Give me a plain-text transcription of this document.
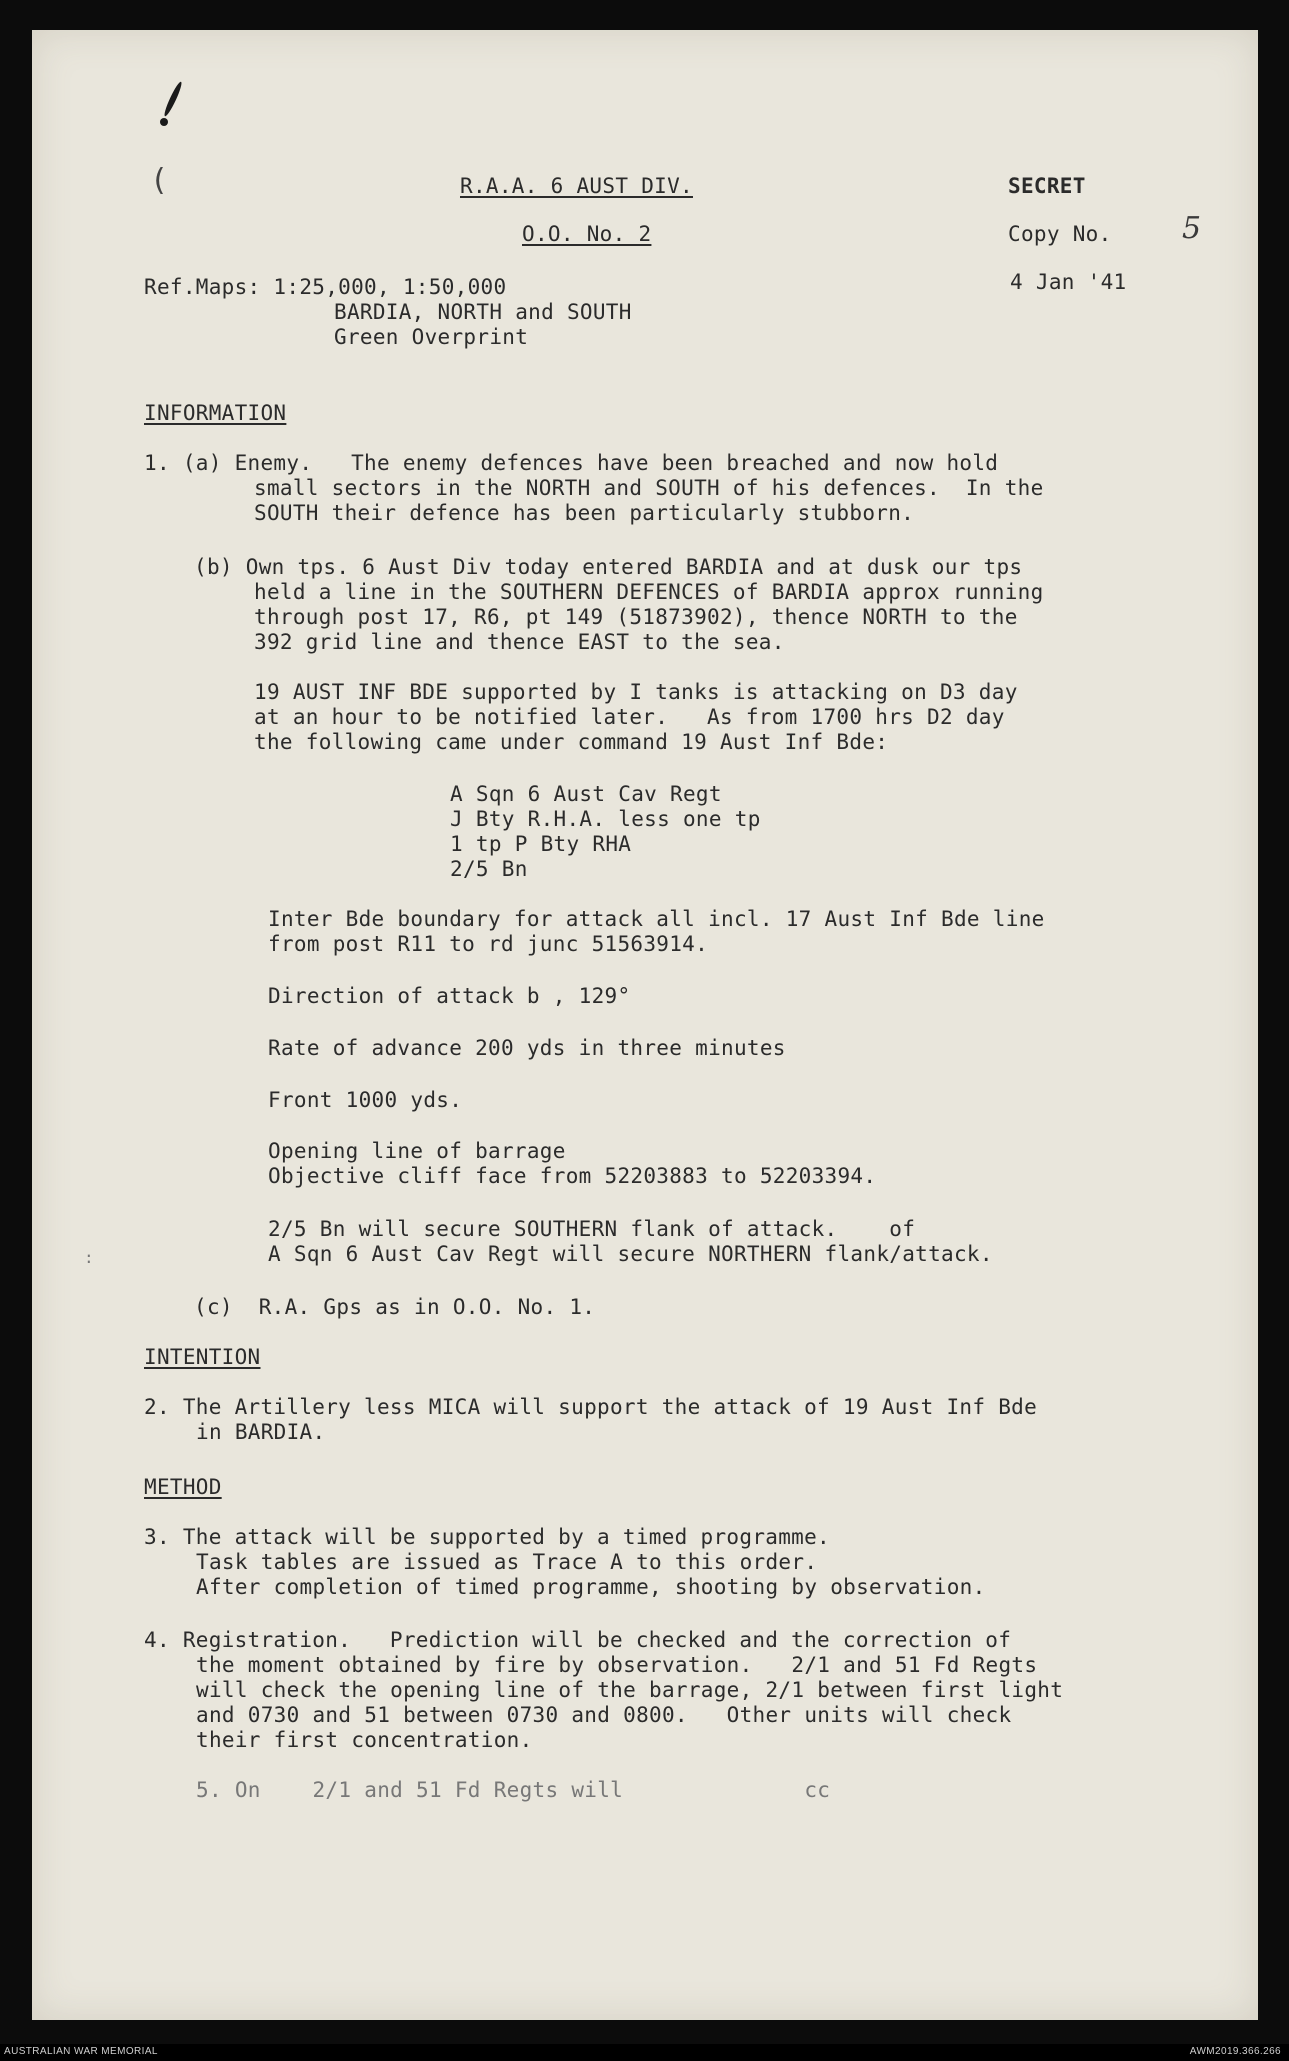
(
:
R.A.A. 6 AUST DIV.
O.O. No. 2
SECRET
Copy No. 5
4 Jan '41
Ref.Maps: 1:25,000, 1:50,000
BARDIA, NORTH and SOUTH
Green Overprint
INFORMATION
1. (a) Enemy.   The enemy defences have been breached and now hold
small sectors in the NORTH and SOUTH of his defences.  In the
SOUTH their defence has been particularly stubborn.
(b) Own tps. 6 Aust Div today entered BARDIA and at dusk our tps
held a line in the SOUTHERN DEFENCES of BARDIA approx running
through post 17, R6, pt 149 (51873902), thence NORTH to the
392 grid line and thence EAST to the sea.
19 AUST INF BDE supported by I tanks is attacking on D3 day
at an hour to be notified later.   As from 1700 hrs D2 day
the following came under command 19 Aust Inf Bde:
A Sqn 6 Aust Cav Regt
J Bty R.H.A. less one tp
1 tp P Bty RHA
2/5 Bn
Inter Bde boundary for attack all incl. 17 Aust Inf Bde line
from post R11 to rd junc 51563914.
Direction of attack b , 129°
Rate of advance 200 yds in three minutes
Front 1000 yds.
Opening line of barrage
Objective cliff face from 52203883 to 52203394.
2/5 Bn will secure SOUTHERN flank of attack.    of
A Sqn 6 Aust Cav Regt will secure NORTHERN flank/attack.
(c)  R.A. Gps as in O.O. No. 1.
INTENTION
2. The Artillery less MICA will support the attack of 19 Aust Inf Bde
in BARDIA.
METHOD
3. The attack will be supported by a timed programme.
Task tables are issued as Trace A to this order.
After completion of timed programme, shooting by observation.
4. Registration.   Prediction will be checked and the correction of
the moment obtained by fire by observation.   2/1 and 51 Fd Regts
will check the opening line of the barrage, 2/1 between first light
and 0730 and 51 between 0730 and 0800.   Other units will check
their first concentration.
5. On    2/1 and 51 Fd Regts will              cc
AUSTRALIAN WAR MEMORIAL	AWM2019.366.266
